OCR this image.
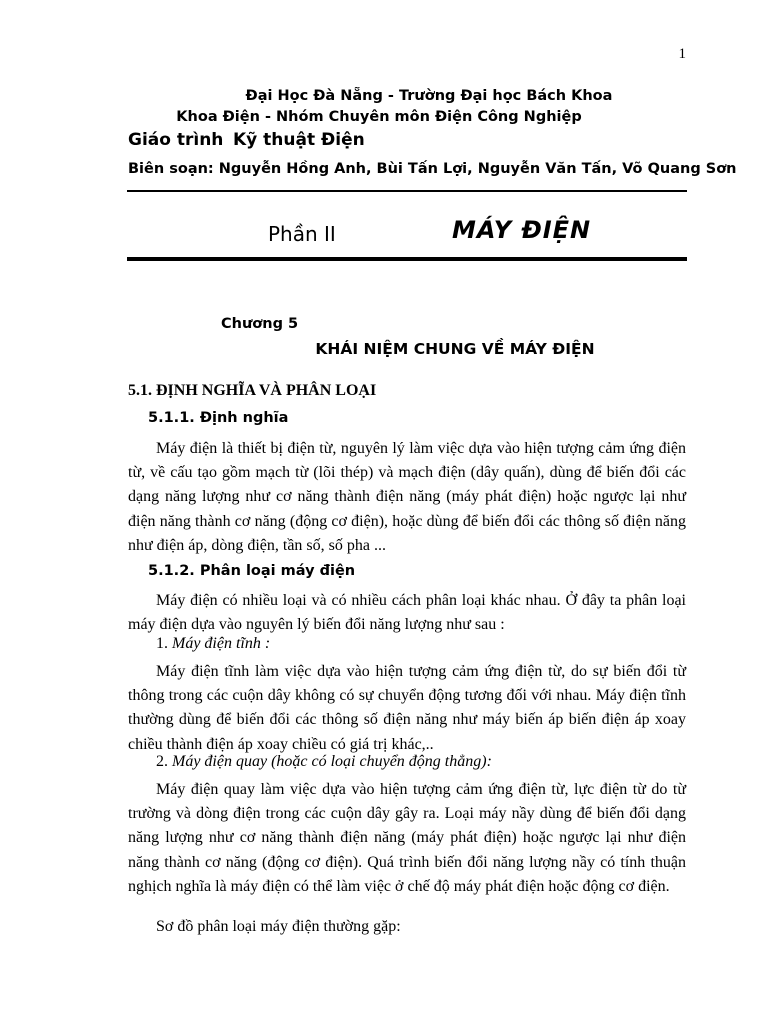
1
Đại Học Đà Nẵng - Trường Đại học Bách Khoa
Khoa Điện - Nhóm Chuyên môn Điện Công Nghiệp
Giáo trình Kỹ thuật Điện
Biên soạn: Nguyễn Hồng Anh, Bùi Tấn Lợi, Nguyễn Văn Tấn, Võ Quang Sơn
Phần II	MÁY ĐIỆN
Chương 5
KHÁI NIỆM CHUNG VỀ MÁY ĐIỆN
5.1. ĐỊNH NGHĨA VÀ PHÂN LOẠI
5.1.1. Định nghĩa

Máy điện là thiết bị điện từ, nguyên lý làm việc dựa vào hiện tượng cảm ứng điện từ, về cấu tạo gồm mạch từ (lõi thép) và mạch điện (dây quấn), dùng để biến đổi các dạng năng lượng như cơ năng thành điện năng (máy phát điện) hoặc ngược lại như điện năng thành cơ năng (động cơ điện), hoặc dùng để biến đổi các thông số điện năng như điện áp, dòng điện, tần số, số pha ...

5.1.2. Phân loại máy điện

Máy điện có nhiều loại và có nhiều cách phân loại khác nhau. Ở đây ta phân loại máy điện dựa vào nguyên lý biến đổi năng lượng như sau :

1. Máy điện tĩnh :

Máy điện tĩnh làm việc dựa vào hiện tượng cảm ứng điện từ, do sự biến đổi từ thông trong các cuộn dây không có sự chuyển động tương đối với nhau. Máy điện tĩnh thường dùng để biến đổi các thông số điện năng như máy biến áp biến điện áp xoay chiều thành điện áp xoay chiều có giá trị khác,..

2. Máy điện quay (hoặc có loại chuyển động thẳng):

Máy điện quay làm việc dựa vào hiện tượng cảm ứng điện từ, lực điện từ do từ trường và dòng điện trong các cuộn dây gây ra. Loại máy nầy dùng để biến đổi dạng năng lượng như cơ năng thành điện năng (máy phát điện) hoặc ngược lại như điện năng thành cơ năng (động cơ điện). Quá trình biến đổi năng lượng nầy có tính thuận nghịch nghĩa là máy điện có thể làm việc ở chế độ máy phát điện hoặc động cơ điện.

Sơ đồ phân loại máy điện thường gặp:
